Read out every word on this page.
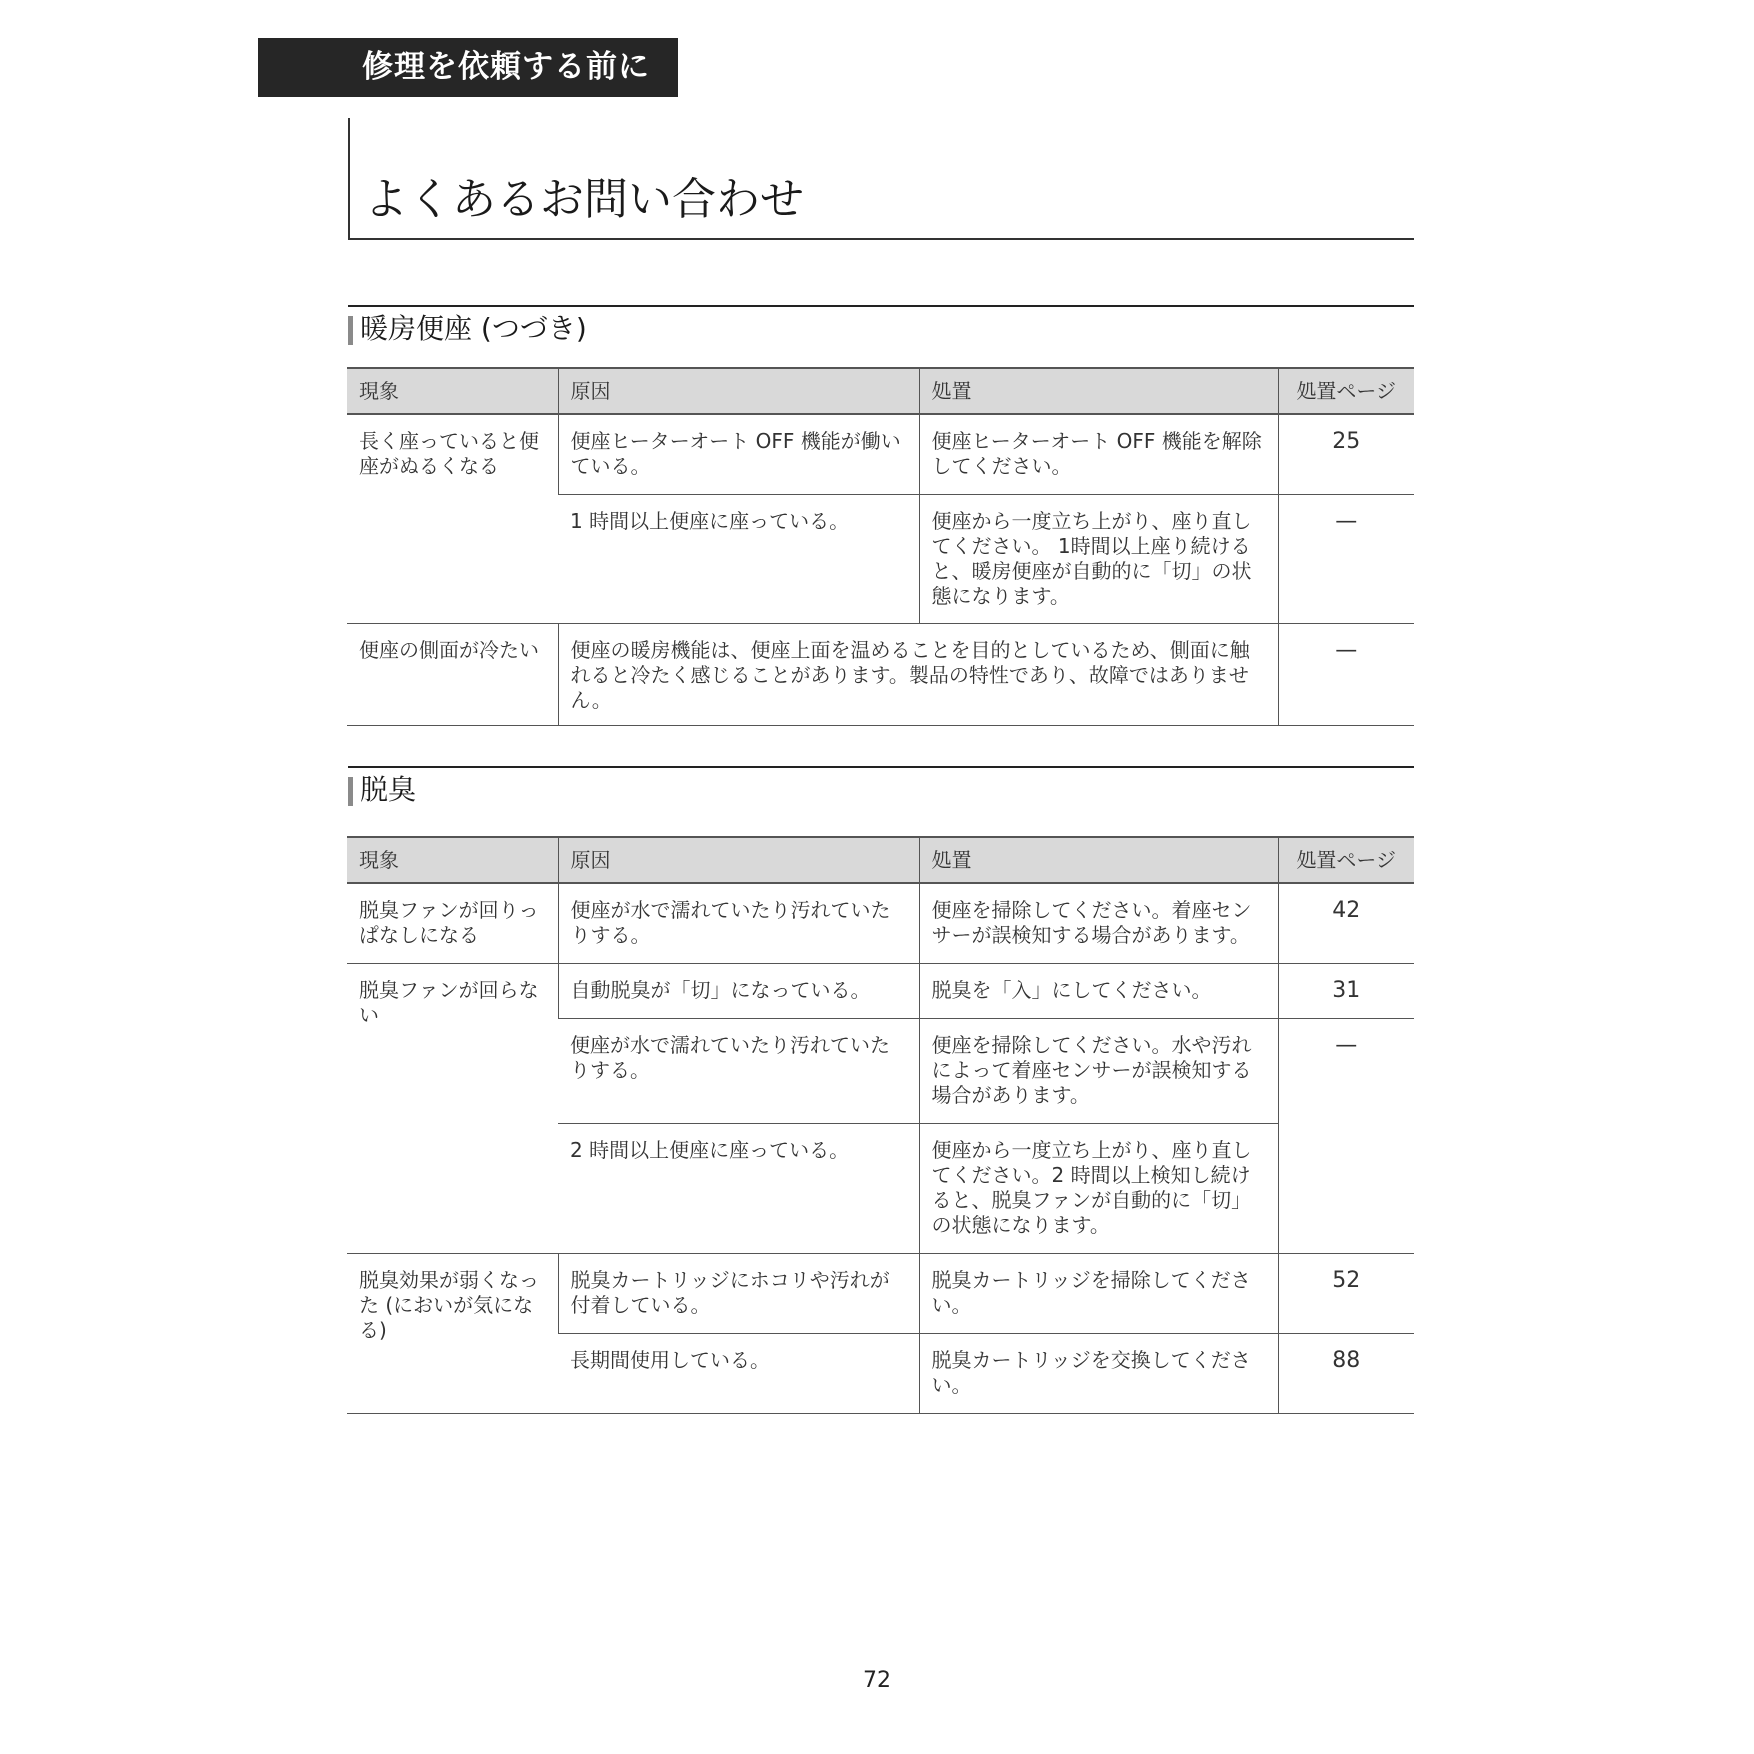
修理を依頼する前に
よくあるお問い合わせ
暖房便座 (つづき)
現象	原因	処置	処置ページ
長く座っていると便座がぬるくなる	便座ヒーターオート OFF 機能が働いている。	便座ヒーターオート OFF 機能を解除してください。	25
	1 時間以上便座に座っている。	便座から一度立ち上がり、座り直してください。 1時間以上座り続けると、暖房便座が自動的に「切」の状態になります。	—
便座の側面が冷たい	便座の暖房機能は、便座上面を温めることを目的としているため、側面に触れると冷たく感じることがあります。製品の特性であり、故障ではありません。		—
脱臭
現象	原因	処置	処置ページ
脱臭ファンが回りっぱなしになる	便座が水で濡れていたり汚れていたりする。	便座を掃除してください。着座センサーが誤検知する場合があります。	42
脱臭ファンが回らない	自動脱臭が「切」になっている。	脱臭を「入」にしてください。	31
	便座が水で濡れていたり汚れていたりする。	便座を掃除してください。水や汚れによって着座センサーが誤検知する場合があります。	—
	2 時間以上便座に座っている。	便座から一度立ち上がり、座り直してください。2 時間以上検知し続けると、脱臭ファンが自動的に「切」の状態になります。	
脱臭効果が弱くなった (においが気になる)	脱臭カートリッジにホコリや汚れが付着している。	脱臭カートリッジを掃除してください。	52
	長期間使用している。	脱臭カートリッジを交換してください。	88
72
